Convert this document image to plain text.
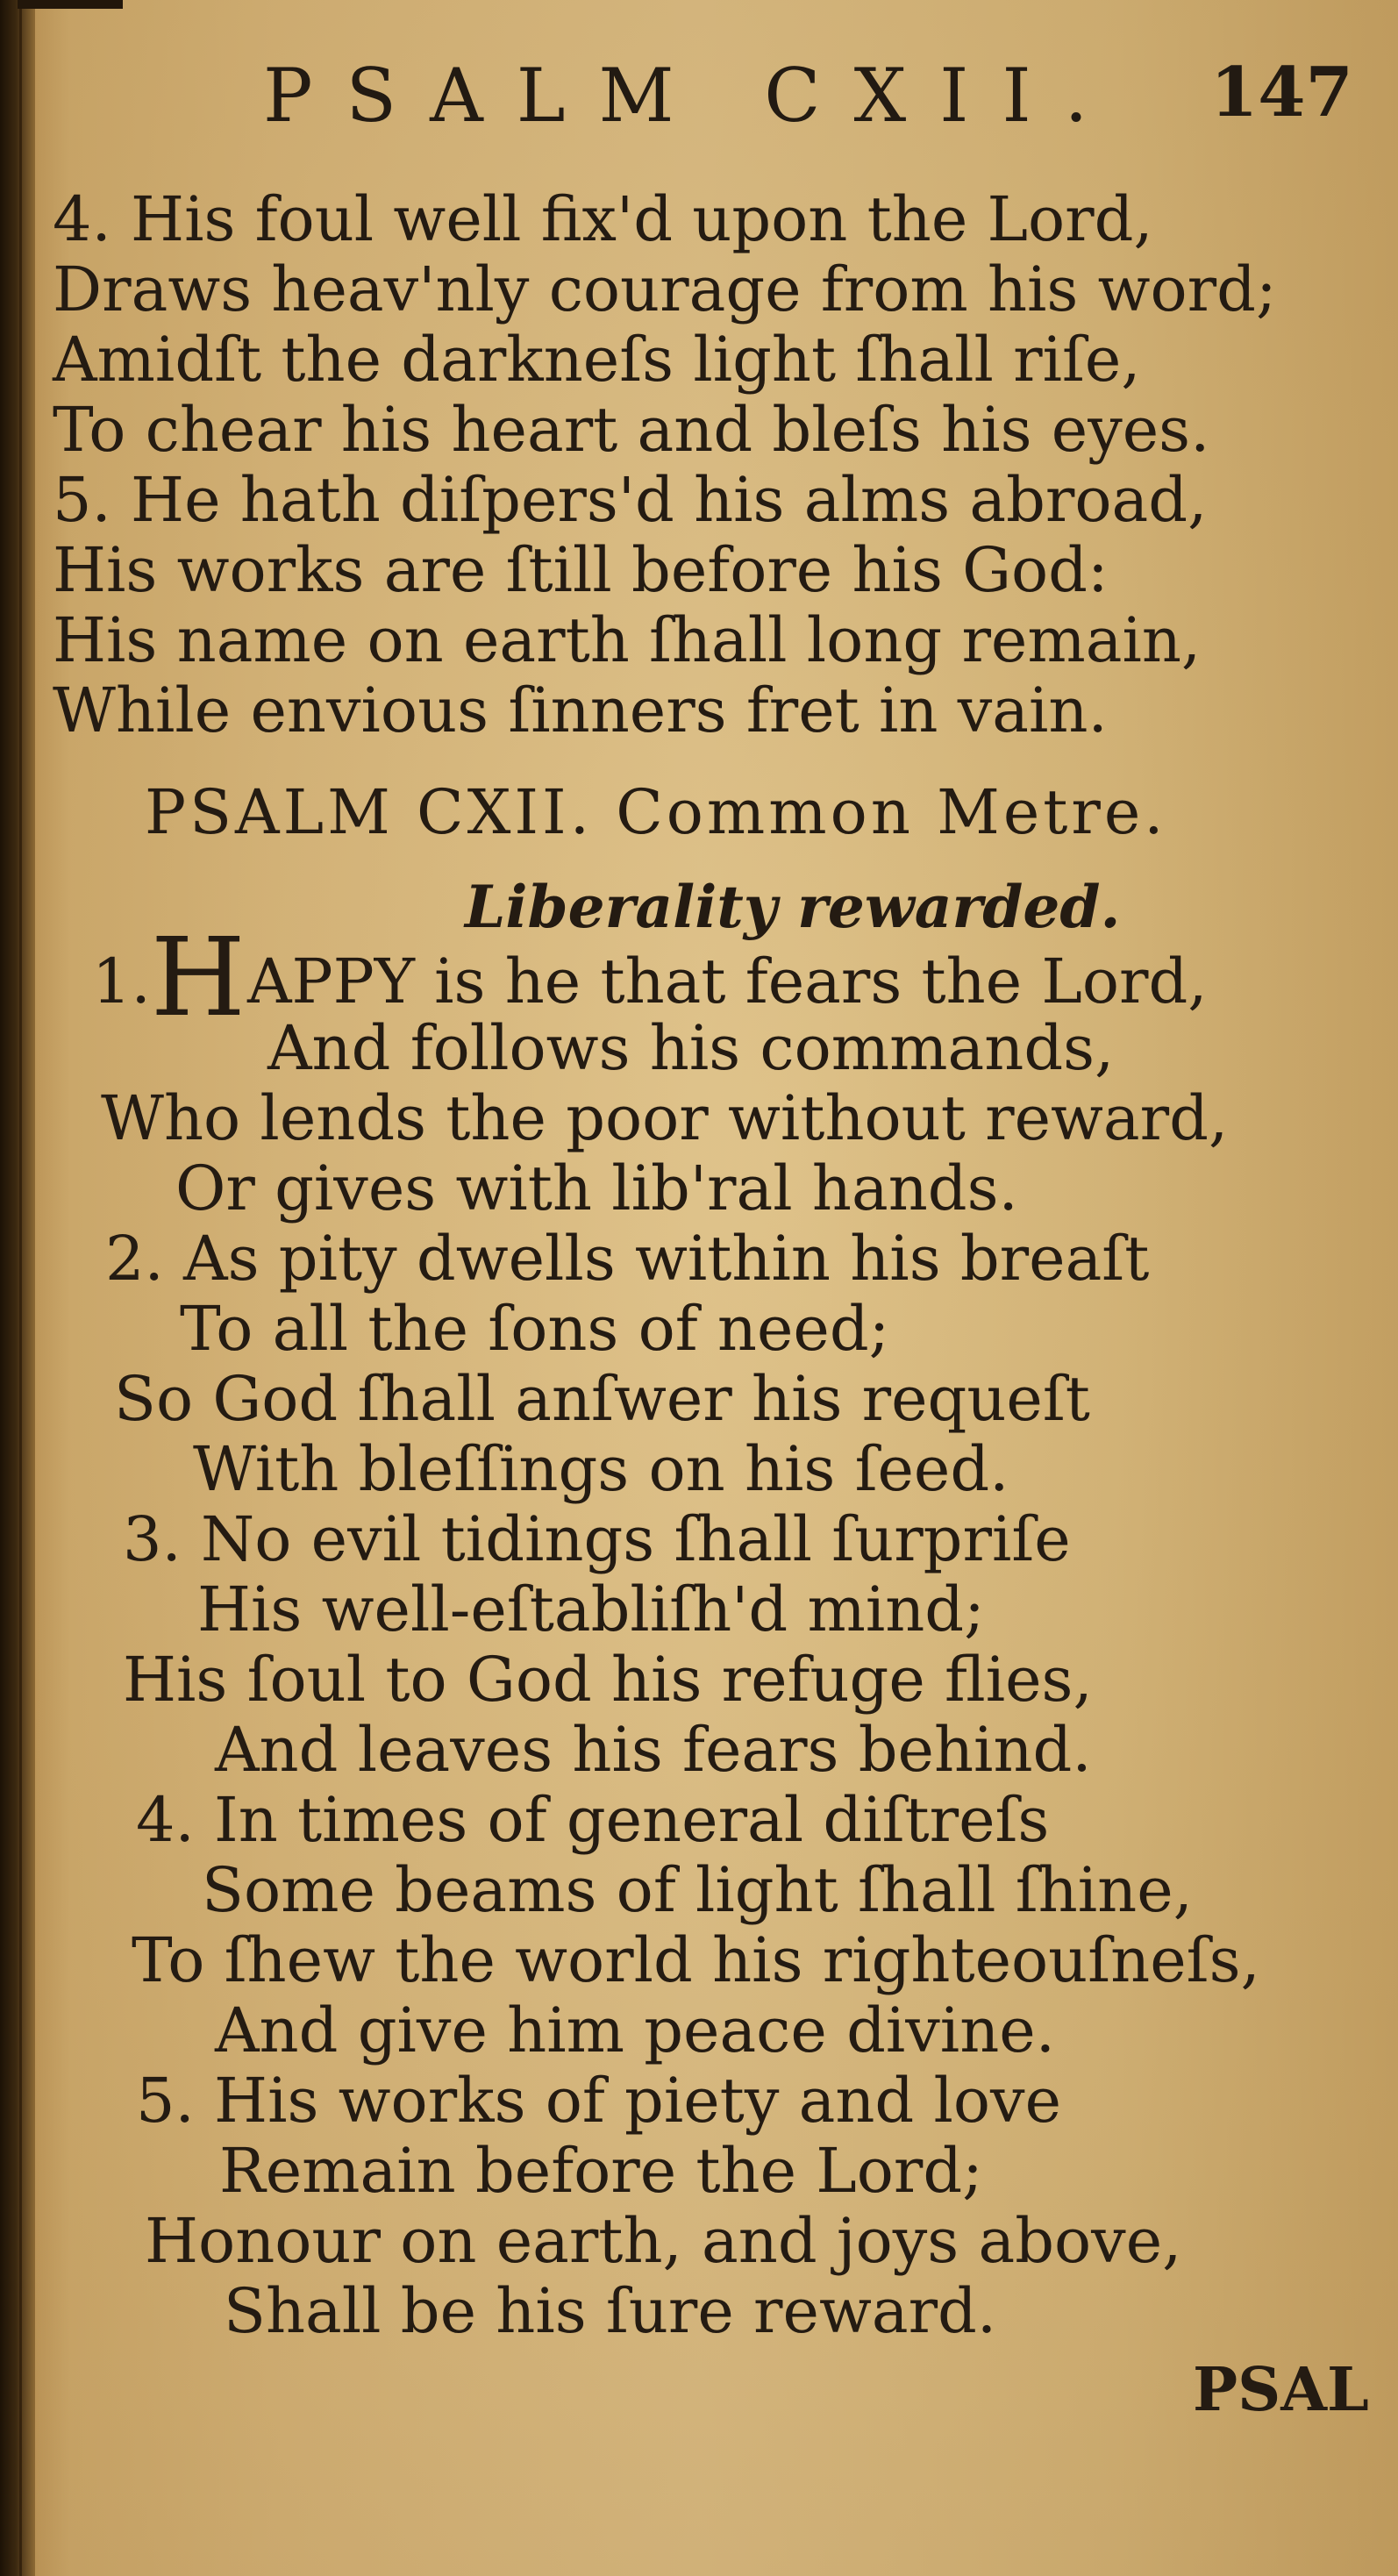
PSALM CXII. 147
4. His foul well fix'd upon the Lord,
Draws heav'nly courage from his word;
Amidſt the darkneſs light ſhall riſe,
To chear his heart and bleſs his eyes.
5. He hath diſpers'd his alms abroad,
His works are ſtill before his God:
His name on earth ſhall long remain,
While envious ſinners fret in vain.
PSALM CXII. Common Metre.
Liberality rewarded.
1.HAPPY is he that fears the Lord,
And follows his commands,
Who lends the poor without reward,
Or gives with lib'ral hands.
2. As pity dwells within his breaſt
To all the ſons of need;
So God ſhall anſwer his requeſt
With bleſſings on his ſeed.
3. No evil tidings ſhall ſurpriſe
His well-eſtabliſh'd mind;
His ſoul to God his refuge flies,
And leaves his fears behind.
4. In times of general diſtreſs
Some beams of light ſhall ſhine,
To ſhew the world his righteouſneſs,
And give him peace divine.
5. His works of piety and love
Remain before the Lord;
Honour on earth, and joys above,
Shall be his ſure reward.
PSAL
